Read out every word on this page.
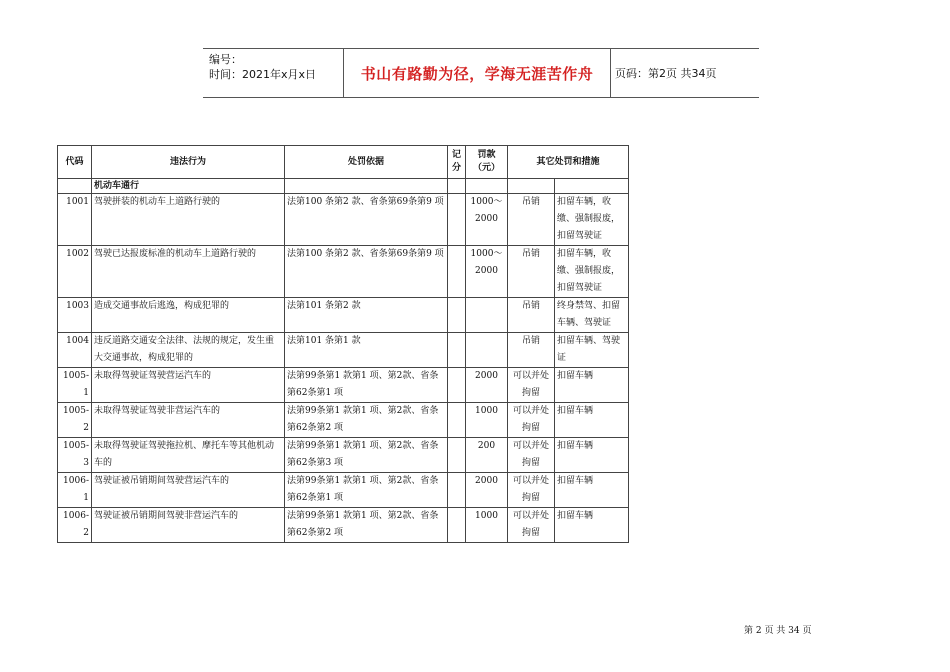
编号：
时间：2021年x月x日	书山有路勤为径，学海无涯苦作舟	页码：第2页 共34页
代码	违法行为	处罚依据	记分	罚款（元）	其它处罚和措施	
	机动车通行					
1001	驾驶拼装的机动车上道路行驶的	法第100 条第2 款、省条第69条第9 项		1000～2000	吊销	扣留车辆，收缴、强制报废，扣留驾驶证
1002	驾驶已达报废标准的机动车上道路行驶的	法第100 条第2 款、省条第69条第9 项		1000～2000	吊销	扣留车辆，收缴、强制报废，扣留驾驶证
1003	造成交通事故后逃逸，构成犯罪的	法第101 条第2 款			吊销	终身禁驾、扣留车辆、驾驶证
1004	违反道路交通安全法律、法规的规定，发生重大交通事故，构成犯罪的	法第101 条第1 款			吊销	扣留车辆、驾驶证
1005-1	未取得驾驶证驾驶营运汽车的	法第99条第1 款第1 项、第2款、省条第62条第1 项		2000	可以并处拘留	扣留车辆
1005-2	未取得驾驶证驾驶非营运汽车的	法第99条第1 款第1 项、第2款、省条第62条第2 项		1000	可以并处拘留	扣留车辆
1005-3	未取得驾驶证驾驶拖拉机、摩托车等其他机动车的	法第99条第1 款第1 项、第2款、省条第62条第3 项		200	可以并处拘留	扣留车辆
1006-1	驾驶证被吊销期间驾驶营运汽车的	法第99条第1 款第1 项、第2款、省条第62条第1 项		2000	可以并处拘留	扣留车辆
1006-2	驾驶证被吊销期间驾驶非营运汽车的	法第99条第1 款第1 项、第2款、省条第62条第2 项		1000	可以并处拘留	扣留车辆
第 2 页 共 34 页
